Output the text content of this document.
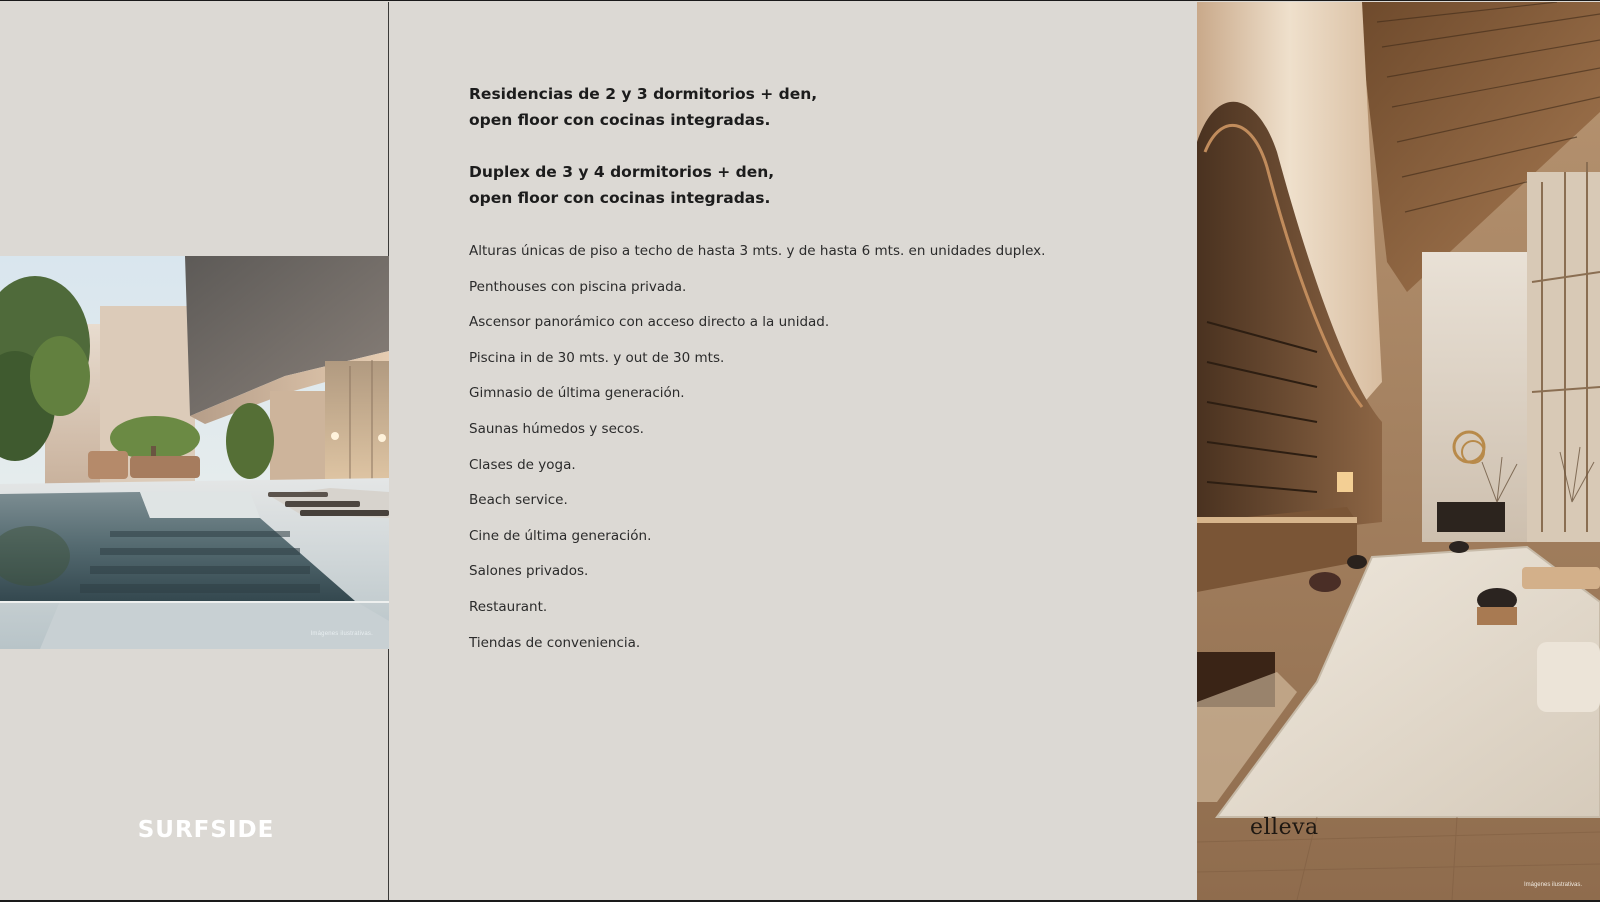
Imágenes ilustrativas.
SURFSIDE
Residencias de 2 y 3 dormitorios + den,
open floor con cocinas integradas.
Duplex de 3 y 4 dormitorios + den,
open floor con cocinas integradas.
Alturas únicas de piso a techo de hasta 3 mts. y de hasta 6 mts. en unidades duplex.
Penthouses con piscina privada.
Ascensor panorámico con acceso directo a la unidad.
Piscina in de 30 mts. y out de 30 mts.
Gimnasio de última generación.
Saunas húmedos y secos.
Clases de yoga.
Beach service.
Cine de última generación.
Salones privados.
Restaurant.
Tiendas de conveniencia.
elleva
Imágenes ilustrativas.
